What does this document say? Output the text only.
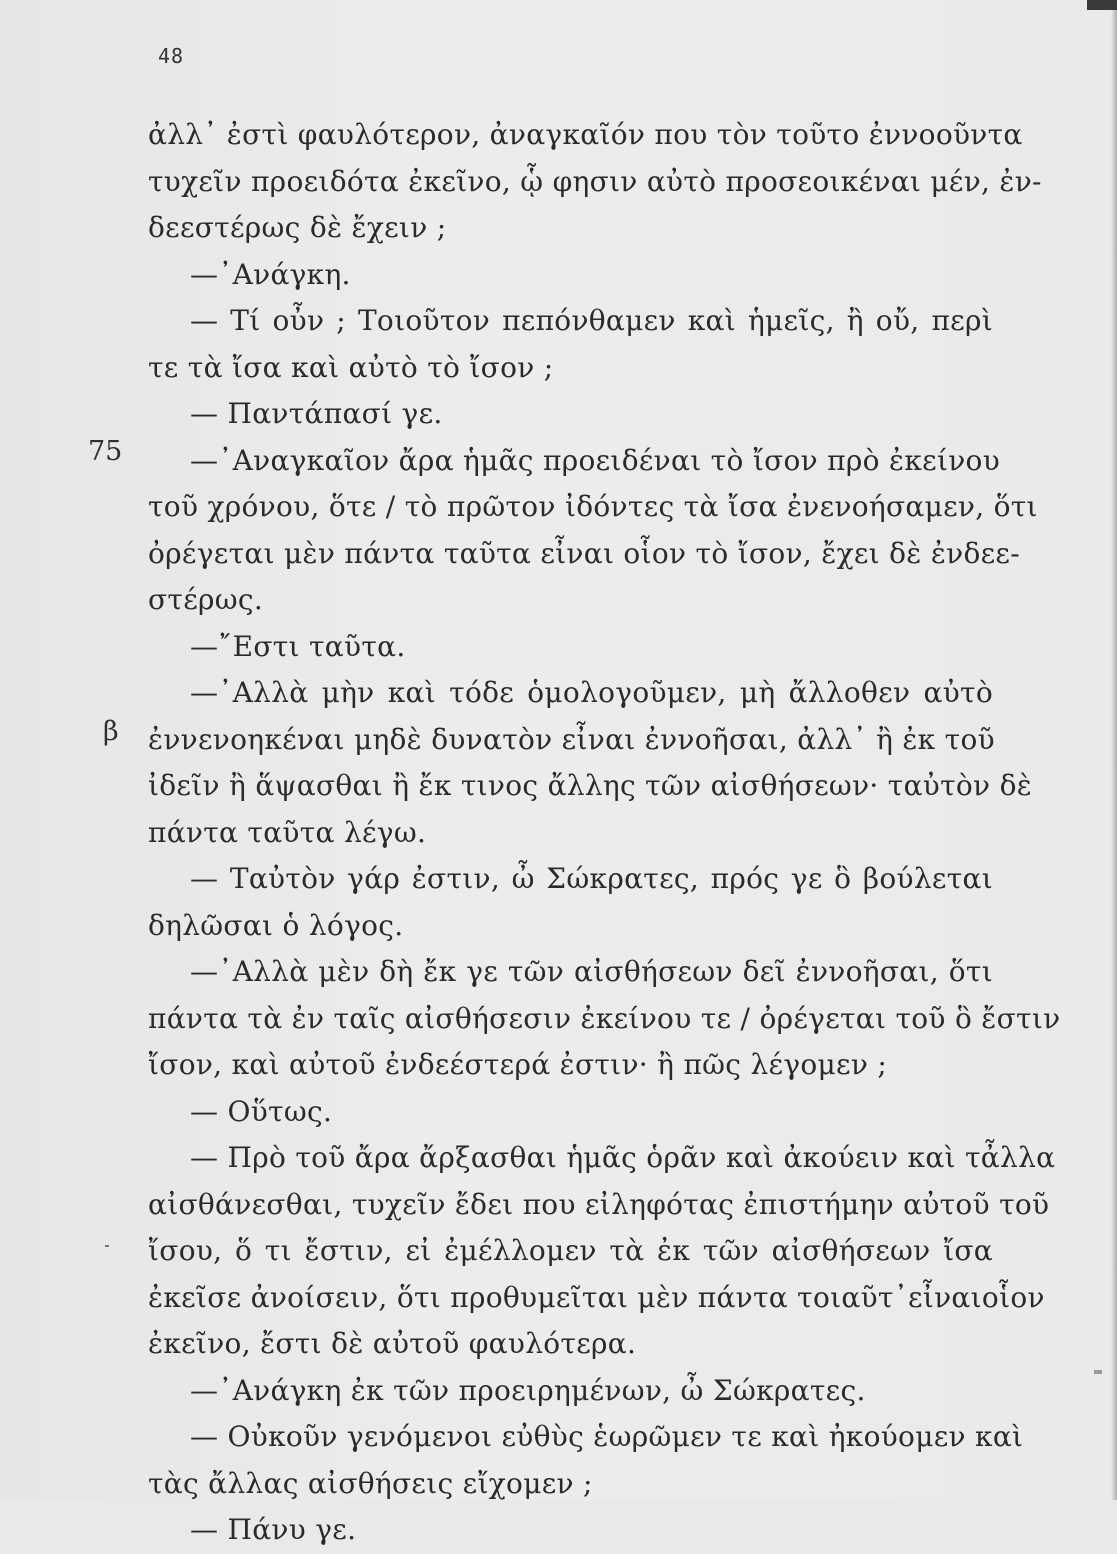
48
75
β
ἀλλ᾽ ἐστὶ φαυλότερον, ἀναγκαῖόν που τὸν τοῦτο ἐννοοῦντα
τυχεῖν προειδότα ἐκεῖνο, ᾧ φησιν αὐτὸ προσεοικέναι μέν, ἐν-
δεεστέρως δὲ ἔχειν ;
—᾽Ανάγκη.
— Τί οὖν ; Τοιοῦτον πεπόνθαμεν καὶ ἡμεῖς, ἢ οὔ, περὶ
τε τὰ ἴσα καὶ αὐτὸ τὸ ἴσον ;
— Παντάπασί γε.
—᾽Αναγκαῖον ἄρα ἡμᾶς προειδέναι τὸ ἴσον πρὸ ἐκείνου
τοῦ χρόνου, ὅτε / τὸ πρῶτον ἰδόντες τὰ ἴσα ἐνενοήσαμεν, ὅτι
ὀρέγεται μὲν πάντα ταῦτα εἶναι οἷον τὸ ἴσον, ἔχει δὲ ἐνδεε-
στέρως.
—῎Εστι ταῦτα.
—᾽Αλλὰ μὴν καὶ τόδε ὁμολογοῦμεν, μὴ ἄλλοθεν αὐτὸ
ἐννενοηκέναι μηδὲ δυνατὸν εἶναι ἐννοῆσαι, ἀλλ᾽ ἢ ἐκ τοῦ
ἰδεῖν ἢ ἅψασθαι ἢ ἔκ τινος ἄλλης τῶν αἰσθήσεων· ταὐτὸν δὲ
πάντα ταῦτα λέγω.
— Ταὐτὸν γάρ ἐστιν, ὦ Σώκρατες, πρός γε ὃ βούλεται
δηλῶσαι ὁ λόγος.
—᾽Αλλὰ μὲν δὴ ἔκ γε τῶν αἰσθήσεων δεῖ ἐννοῆσαι, ὅτι
πάντα τὰ ἐν ταῖς αἰσθήσεσιν ἐκείνου τε / ὀρέγεται τοῦ ὃ ἔστιν
ἴσον, καὶ αὐτοῦ ἐνδεέστερά ἐστιν· ἢ πῶς λέγομεν ;
— Οὕτως.
— Πρὸ τοῦ ἄρα ἄρξασθαι ἡμᾶς ὁρᾶν καὶ ἀκούειν καὶ τἆλλα
αἰσθάνεσθαι, τυχεῖν ἔδει που εἰληφότας ἐπιστήμην αὐτοῦ τοῦ
ἴσου, ὅ τι ἔστιν, εἰ ἐμέλλομεν τὰ ἐκ τῶν αἰσθήσεων ἴσα
ἐκεῖσε ἀνοίσειν, ὅτι προθυμεῖται μὲν πάντα τοιαῦτ᾽εἶναιοἷον
ἐκεῖνο, ἔστι δὲ αὐτοῦ φαυλότερα.
—᾽Ανάγκη ἐκ τῶν προειρημένων, ὦ Σώκρατες.
— Οὐκοῦν γενόμενοι εὐθὺς ἑωρῶμεν τε καὶ ἠκούομεν καὶ
τὰς ἄλλας αἰσθήσεις εἴχομεν ;
— Πάνυ γε.
